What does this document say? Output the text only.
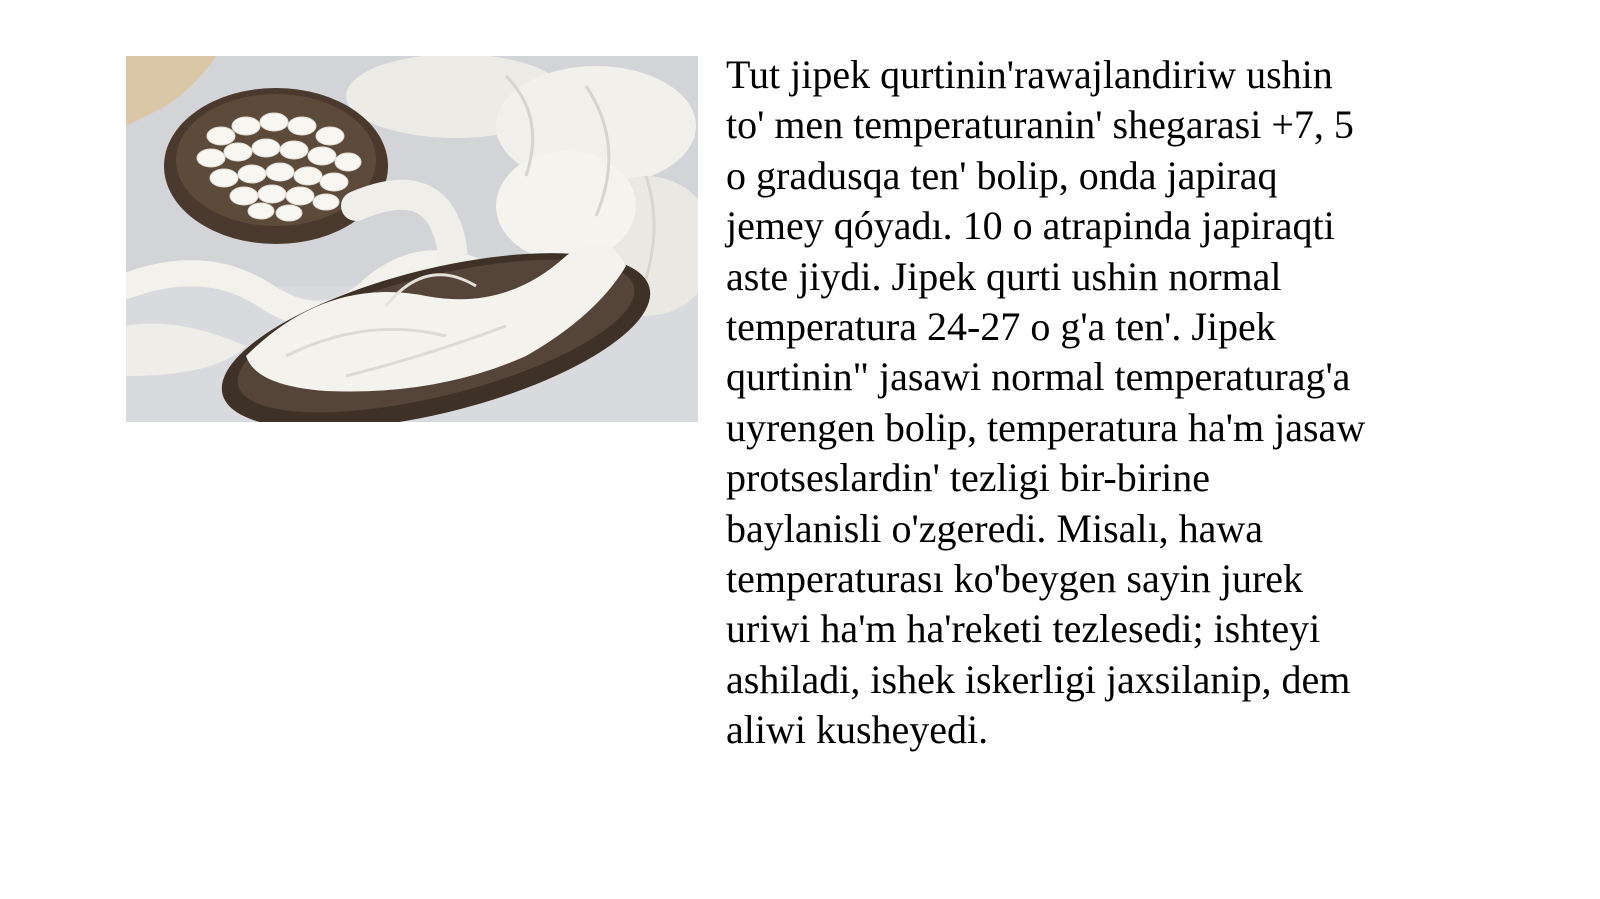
Tut jipek qurtinin'rawajlandiriw ushin
to' men temperaturanin' shegarasi +7, 5
o gradusqa ten' bolip, onda japiraq
jemey qóyadı. 10 o atrapinda japiraqti
aste jiydi. Jipek qurti ushin normal
temperatura 24-27 o g'a ten'. Jipek
qurtinin" jasawi normal temperaturag'a
uyrengen bolip, temperatura ha'm jasaw
protseslardin' tezligi bir-birine
baylanisli o'zgeredi. Misalı, hawa
temperaturası ko'beygen sayin jurek
uriwi ha'm ha'reketi tezlesedi; ishteyi
ashiladi, ishek iskerligi jaxsilanip, dem
aliwi kusheyedi.
